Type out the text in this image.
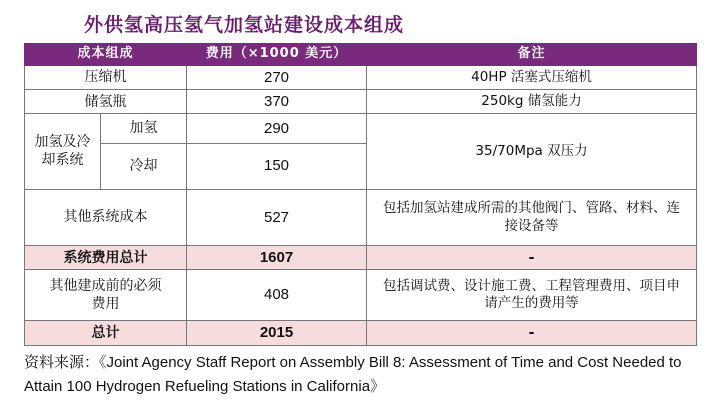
外供氢高压氢气加氢站建设成本组成
成本组成		费用（×1000 美元）	备注
压缩机		270	40HP 活塞式压缩机
储氢瓶		370	250kg 储氢能力
加氢及冷却系统	加氢	290	35/70Mpa 双压力
	冷却	150	
其他系统成本		527	包括加氢站建成所需的其他阀门、管路、材料、连接设备等
系统费用总计		1607	-
其他建成前的必须费用		408	包括调试费、设计施工费、工程管理费用、项目申请产生的费用等
总计		2015	-
资料来源：《Joint Agency Staff Report on Assembly Bill 8: Assessment of Time and Cost Needed to Attain 100 Hydrogen Refueling Stations in California》
